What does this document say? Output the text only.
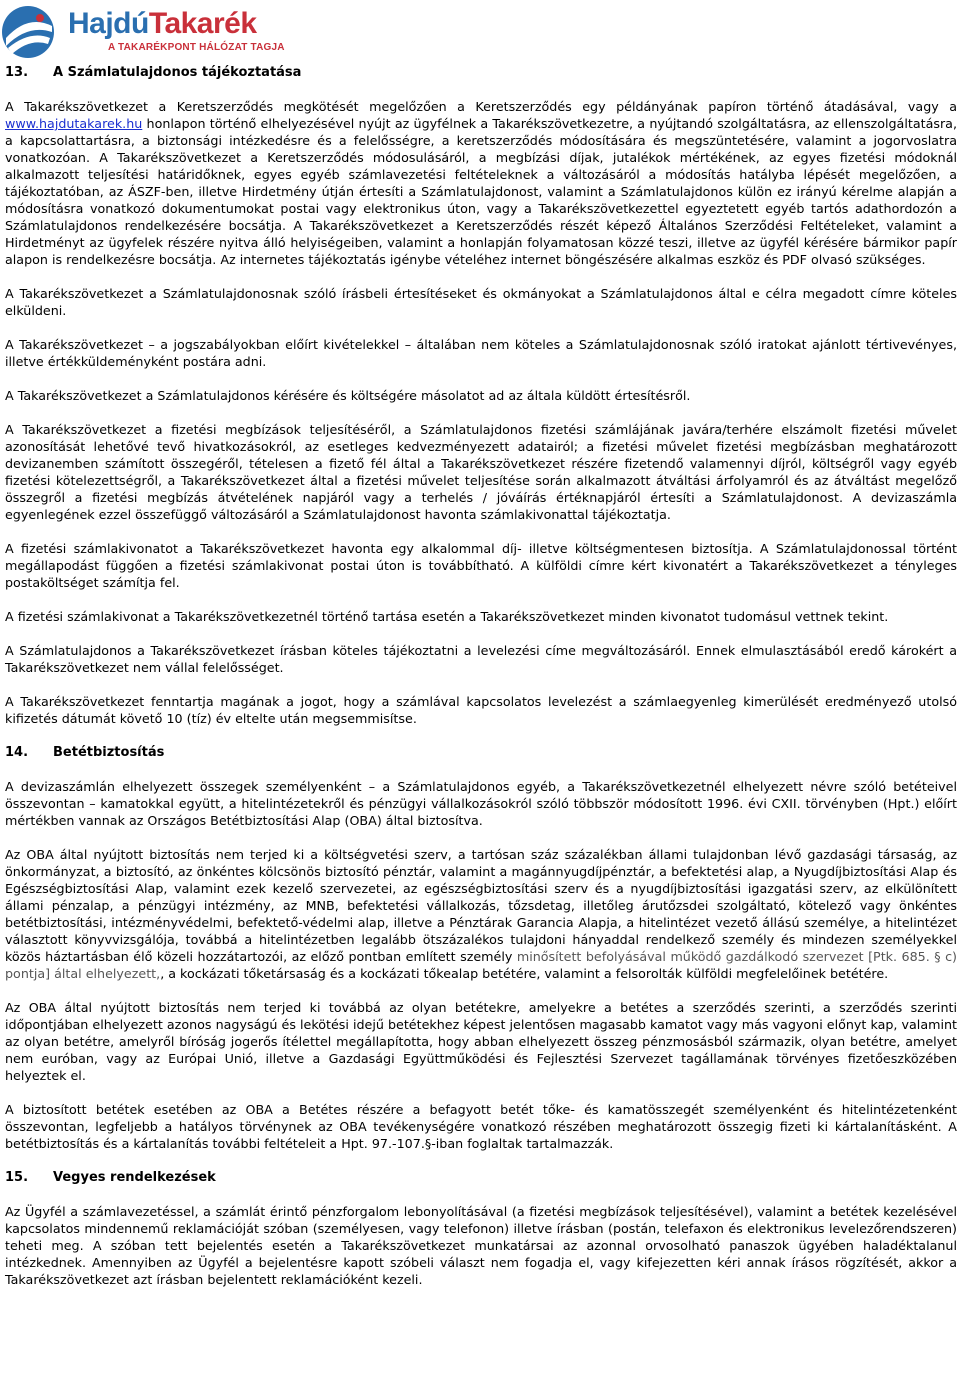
HajdúTakarék
A TAKARÉKPONT HÁLÓZAT TAGJA
13. A Számlatulajdonos tájékoztatása

A Takarékszövetkezet a Keretszerződés megkötését megelőzően a Keretszerződés egy példányának papíron történő átadásával, vagy a www.hajdutakarek.hu honlapon történő elhelyezésével nyújt az ügyfélnek a Takarékszövetkezetre, a nyújtandó szolgáltatásra, az ellenszolgáltatásra, a kapcsolattartásra, a biztonsági intézkedésre és a felelősségre, a keretszerződés módosítására és megszüntetésére, valamint a jogorvoslatra vonatkozóan. A Takarékszövetkezet a Keretszerződés módosulásáról, a megbízási díjak, jutalékok mértékének, az egyes fizetési módoknál alkalmazott teljesítési határidőknek, egyes egyéb számlavezetési feltételeknek a változásáról a módosítás hatályba lépését megelőzően, a tájékoztatóban, az ÁSZF-ben, illetve Hirdetmény útján értesíti a Számlatulajdonost, valamint a Számlatulajdonos külön ez irányú kérelme alapján a módosításra vonatkozó dokumentumokat postai vagy elektronikus úton, vagy a Takarékszövetkezettel egyeztetett egyéb tartós adathordozón a Számlatulajdonos rendelkezésére bocsátja. A Takarékszövetkezet a Keretszerződés részét képező Általános Szerződési Feltételeket, valamint a Hirdetményt az ügyfelek részére nyitva álló helyiségeiben, valamint a honlapján folyamatosan közzé teszi, illetve az ügyfél kérésére bármikor papír alapon is rendelkezésre bocsátja. Az internetes tájékoztatás igénybe vételéhez internet böngészésére alkalmas eszköz és PDF olvasó szükséges.

A Takarékszövetkezet a Számlatulajdonosnak szóló írásbeli értesítéseket és okmányokat a Számlatulajdonos által e célra megadott címre köteles elküldeni.

A Takarékszövetkezet – a jogszabályokban előírt kivételekkel – általában nem köteles a Számlatulajdonosnak szóló iratokat ajánlott tértivevényes, illetve értékküldeményként postára adni.

A Takarékszövetkezet a Számlatulajdonos kérésére és költségére másolatot ad az általa küldött értesítésről.

A Takarékszövetkezet a fizetési megbízások teljesítéséről, a Számlatulajdonos fizetési számlájának javára/terhére elszámolt fizetési művelet azonosítását lehetővé tevő hivatkozásokról, az esetleges kedvezményezett adatairól; a fizetési művelet fizetési megbízásban meghatározott devizanemben számított összegéről, tételesen a fizető fél által a Takarékszövetkezet részére fizetendő valamennyi díjról, költségről vagy egyéb fizetési kötelezettségről, a Takarékszövetkezet által a fizetési művelet teljesítése során alkalmazott átváltási árfolyamról és az átváltást megelőző összegről a fizetési megbízás átvételének napjáról vagy a terhelés / jóváírás értéknapjáról értesíti a Számlatulajdonost. A devizaszámla egyenlegének ezzel összefüggő változásáról a Számlatulajdonost havonta számlakivonattal tájékoztatja.

A fizetési számlakivonatot a Takarékszövetkezet havonta egy alkalommal díj- illetve költségmentesen biztosítja. A Számlatulajdonossal történt megállapodást függően a fizetési számlakivonat postai úton is továbbítható. A külföldi címre kért kivonatért a Takarékszövetkezet a tényleges postaköltséget számítja fel.

A fizetési számlakivonat a Takarékszövetkezetnél történő tartása esetén a Takarékszövetkezet minden kivonatot tudomásul vettnek tekint.

A Számlatulajdonos a Takarékszövetkezet írásban köteles tájékoztatni a levelezési címe megváltozásáról. Ennek elmulasztásából eredő károkért a Takarékszövetkezet nem vállal felelősséget.

A Takarékszövetkezet fenntartja magának a jogot, hogy a számlával kapcsolatos levelezést a számlaegyenleg kimerülését eredményező utolsó kifizetés dátumát követő 10 (tíz) év eltelte után megsemmisítse.

14. Betétbiztosítás

A devizaszámlán elhelyezett összegek személyenként – a Számlatulajdonos egyéb, a Takarékszövetkezetnél elhelyezett névre szóló betéteivel összevontan – kamatokkal együtt, a hitelintézetekről és pénzügyi vállalkozásokról szóló többször módosított 1996. évi CXII. törvényben (Hpt.) előírt mértékben vannak az Országos Betétbiztosítási Alap (OBA) által biztosítva.

Az OBA által nyújtott biztosítás nem terjed ki a költségvetési szerv, a tartósan száz százalékban állami tulajdonban lévő gazdasági társaság, az önkormányzat, a biztosító, az önkéntes kölcsönös biztosító pénztár, valamint a magánnyugdíjpénztár, a befektetési alap, a Nyugdíjbiztosítási Alap és Egészségbiztosítási Alap, valamint ezek kezelő szervezetei, az egészségbiztosítási szerv és a nyugdíjbiztosítási igazgatási szerv, az elkülönített állami pénzalap, a pénzügyi intézmény, az MNB, befektetési vállalkozás, tőzsdetag, illetőleg árutőzsdei szolgáltató, kötelező vagy önkéntes betétbiztosítási, intézményvédelmi, befektető-védelmi alap, illetve a Pénztárak Garancia Alapja, a hitelintézet vezető állású személye, a hitelintézet választott könyvvizsgálója, továbbá a hitelintézetben legalább ötszázalékos tulajdoni hányaddal rendelkező személy és mindezen személyekkel közös háztartásban élő közeli hozzátartozói, az előző pontban említett személy minősített befolyásával működő gazdálkodó szervezet [Ptk. 685. § c) pontja] által elhelyezett,, a kockázati tőketársaság és a kockázati tőkealap betétére, valamint a felsorolták külföldi megfelelőinek betétére.

Az OBA által nyújtott biztosítás nem terjed ki továbbá az olyan betétekre, amelyekre a betétes a szerződés szerinti, a szerződés szerinti időpontjában elhelyezett azonos nagyságú és lekötési idejű betétekhez képest jelentősen magasabb kamatot vagy más vagyoni előnyt kap, valamint az olyan betétre, amelyről bíróság jogerős ítélettel megállapította, hogy abban elhelyezett összeg pénzmosásból származik, olyan betétre, amelyet nem euróban, vagy az Európai Unió, illetve a Gazdasági Együttműködési és Fejlesztési Szervezet tagállamának törvényes fizetőeszközében helyeztek el.

A biztosított betétek esetében az OBA a Betétes részére a befagyott betét tőke- és kamatösszegét személyenként és hitelintézetenként összevontan, legfeljebb a hatályos törvénynek az OBA tevékenységére vonatkozó részében meghatározott összegig fizeti ki kártalanításként. A betétbiztosítás és a kártalanítás további feltételeit a Hpt. 97.-107.§-iban foglaltak tartalmazzák.

15. Vegyes rendelkezések

Az Ügyfél a számlavezetéssel, a számlát érintő pénzforgalom lebonyolításával (a fizetési megbízások teljesítésével), valamint a betétek kezelésével kapcsolatos mindennemű reklamációját szóban (személyesen, vagy telefonon) illetve írásban (postán, telefaxon és elektronikus levelezőrendszeren) teheti meg. A szóban tett bejelentés esetén a Takarékszövetkezet munkatársai az azonnal orvosolható panaszok ügyében haladéktalanul intézkednek. Amennyiben az Ügyfél a bejelentésre kapott szóbeli választ nem fogadja el, vagy kifejezetten kéri annak írásos rögzítését, akkor a Takarékszövetkezet azt írásban bejelentett reklamációként kezeli.
